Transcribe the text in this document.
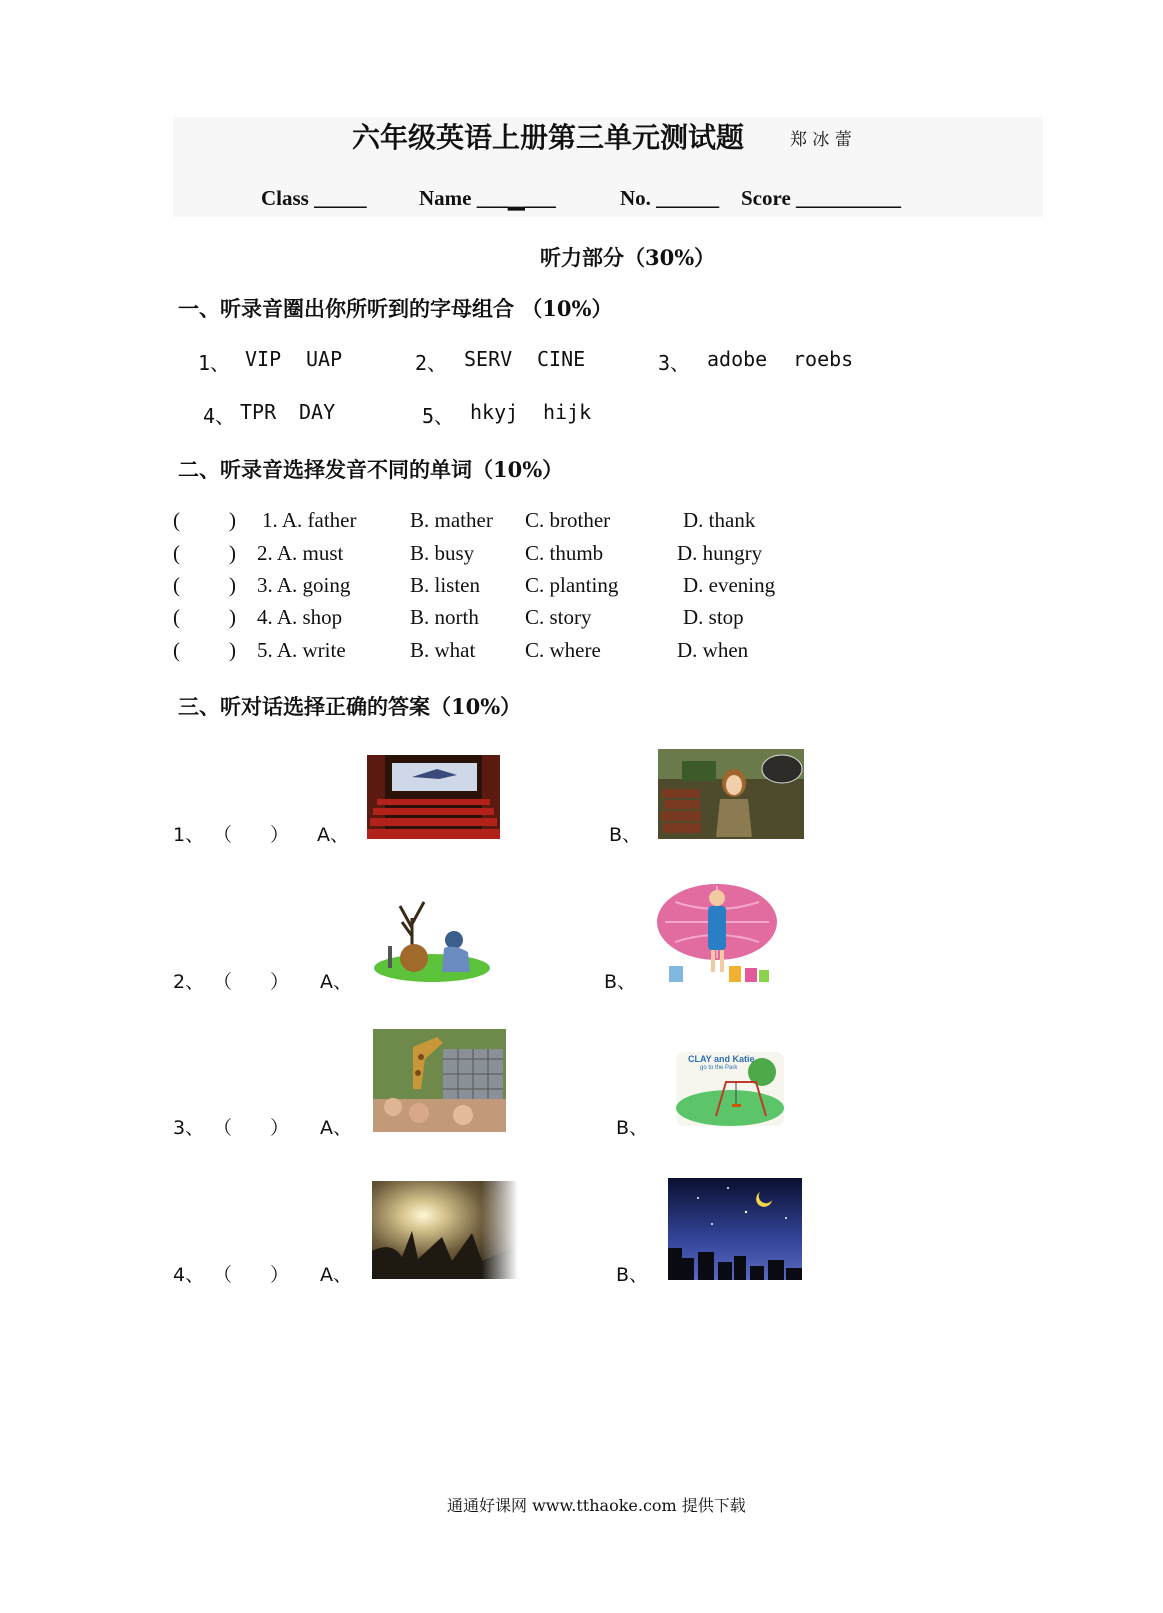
六年级英语上册第三单元测试题	郑 冰 蕾
Class _____ Name ___▁___	No. ______ Score __________
听力部分（30%）
一、听录音圈出你所听到的字母组合 （10%）
1、 VIP UAP	2、 SERV CINE	3、 adobe roebs
4、 TPR DAY	5、 hkyj hijk
二、听录音选择发音不同的单词（10%）
( ) 1. A. father	B. mather C. brother	D. thank
( ) 2. A. must	B. busy C. thumb	D. hungry
( ) 3. A. going	B. listen C. planting	D. evening
( ) 4. A. shop	B. north C. story	D. stop
( ) 5. A. write	B. what C. where	D. when
三、听对话选择正确的答案（10%）
1、 （　　） A、	B、
2、 （　　） A、	B、
3、 （　　） A、	B、
CLAY and Katie
go to the Park
4、 （　　） A、	B、
通通好课网 www.tthaoke.com 提供下载
